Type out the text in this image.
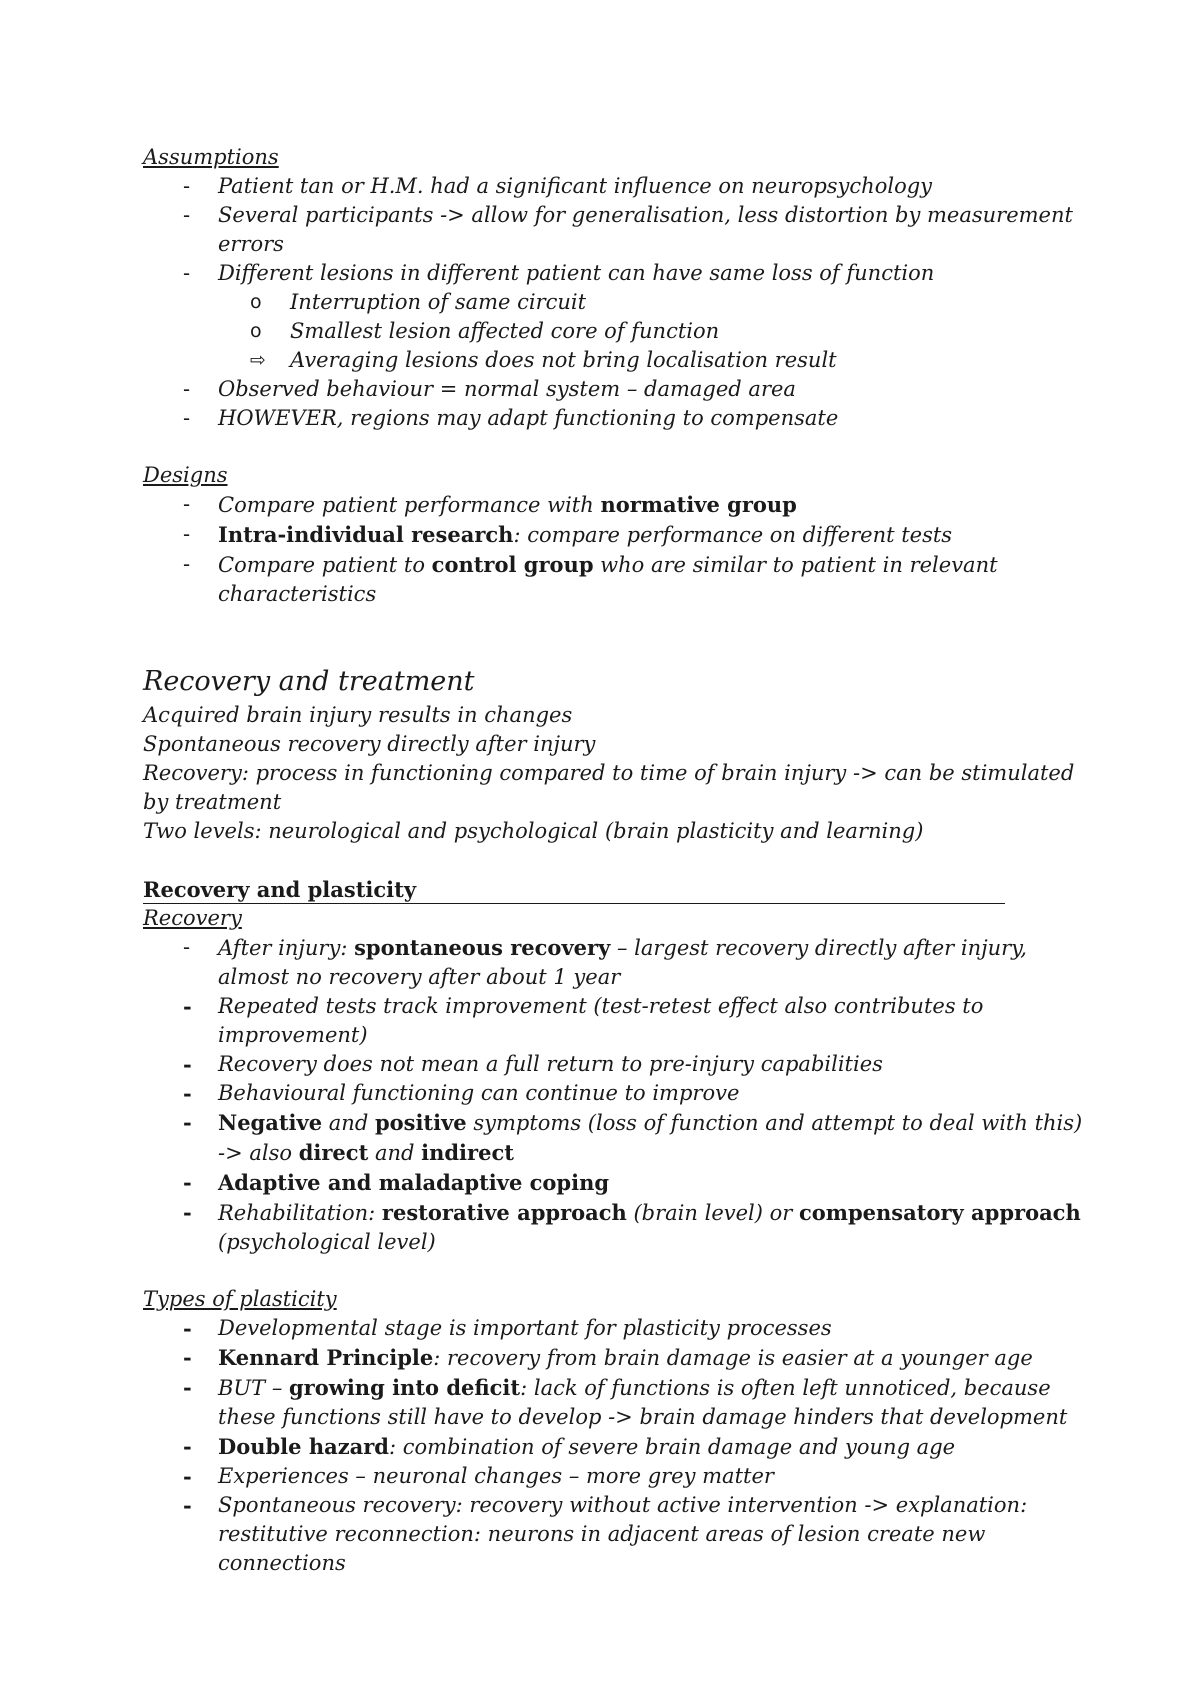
Assumptions
- Patient tan or H.M. had a significant influence on neuropsychology
- Several participants -> allow for generalisation, less distortion by measurement errors
- Different lesions in different patient can have same loss of function
o Interruption of same circuit
o Smallest lesion affected core of function
⇨ Averaging lesions does not bring localisation result
- Observed behaviour = normal system – damaged area
- HOWEVER, regions may adapt functioning to compensate
Designs
- Compare patient performance with normative group
- Intra-individual research: compare performance on different tests
- Compare patient to control group who are similar to patient in relevant characteristics
Recovery and treatment
Acquired brain injury results in changes
Spontaneous recovery directly after injury
Recovery: process in functioning compared to time of brain injury -> can be stimulated by treatment
Two levels: neurological and psychological (brain plasticity and learning)
Recovery and plasticity
Recovery
- After injury: spontaneous recovery – largest recovery directly after injury, almost no recovery after about 1 year
- Repeated tests track improvement (test-retest effect also contributes to improvement)
- Recovery does not mean a full return to pre-injury capabilities
- Behavioural functioning can continue to improve
- Negative and positive symptoms (loss of function and attempt to deal with this) -> also direct and indirect
- Adaptive and maladaptive coping
- Rehabilitation: restorative approach (brain level) or compensatory approach (psychological level)
Types of plasticity
- Developmental stage is important for plasticity processes
- Kennard Principle: recovery from brain damage is easier at a younger age
- BUT – growing into deficit: lack of functions is often left unnoticed, because these functions still have to develop -> brain damage hinders that development
- Double hazard: combination of severe brain damage and young age
- Experiences – neuronal changes – more grey matter
- Spontaneous recovery: recovery without active intervention -> explanation: restitutive reconnection: neurons in adjacent areas of lesion create new connections
